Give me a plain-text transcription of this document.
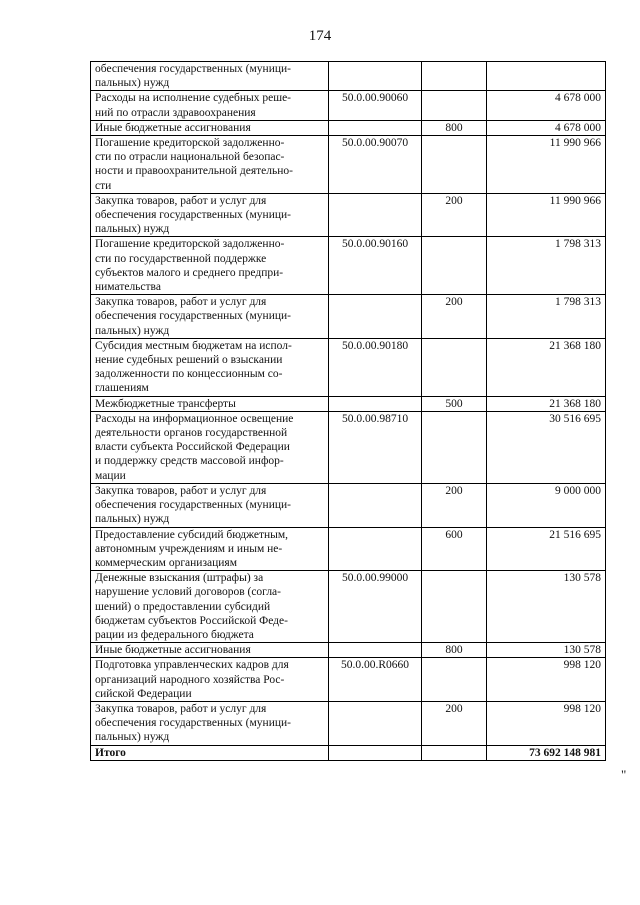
174
обеспечения государственных (муници-
пальных) нужд			
Расходы на исполнение судебных реше-
ний по отрасли здравоохранения	50.0.00.90060		4 678 000
Иные бюджетные ассигнования		800	4 678 000
Погашение кредиторской задолженно-
сти по отрасли национальной безопас-
ности и правоохранительной деятельно-
сти	50.0.00.90070		11 990 966
Закупка товаров, работ и услуг для
обеспечения государственных (муници-
пальных) нужд		200	11 990 966
Погашение кредиторской задолженно-
сти по государственной поддержке
субъектов малого и среднего предпри-
нимательства	50.0.00.90160		1 798 313
Закупка товаров, работ и услуг для
обеспечения государственных (муници-
пальных) нужд		200	1 798 313
Субсидия местным бюджетам на испол-
нение судебных решений о взыскании
задолженности по концессионным со-
глашениям	50.0.00.90180		21 368 180
Межбюджетные трансферты		500	21 368 180
Расходы на информационное освещение
деятельности органов государственной
власти субъекта Российской Федерации
и поддержку средств массовой инфор-
мации	50.0.00.98710		30 516 695
Закупка товаров, работ и услуг для
обеспечения государственных (муници-
пальных) нужд		200	9 000 000
Предоставление субсидий бюджетным,
автономным учреждениям и иным не-
коммерческим организациям		600	21 516 695
Денежные взыскания (штрафы) за
нарушение условий договоров (согла-
шений) о предоставлении субсидий
бюджетам субъектов Российской Феде-
рации из федерального бюджета	50.0.00.99000		130 578
Иные бюджетные ассигнования		800	130 578
Подготовка управленческих кадров для
организаций народного хозяйства Рос-
сийской Федерации	50.0.00.R0660		998 120
Закупка товаров, работ и услуг для
обеспечения государственных (муници-
пальных) нужд		200	998 120
Итого			73 692 148 981
"
